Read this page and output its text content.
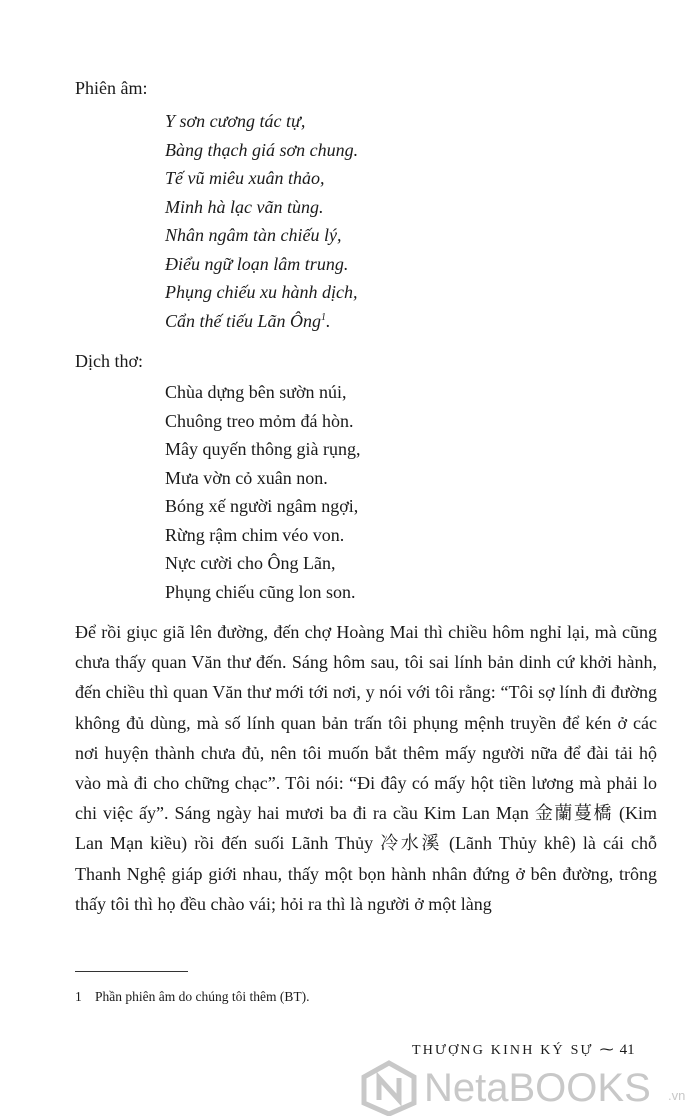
Phiên âm:
Y sơn cương tác tự,
Bàng thạch giá sơn chung.
Tế vũ miêu xuân thảo,
Minh hà lạc vãn tùng.
Nhân ngâm tàn chiếu lý,
Điểu ngữ loạn lâm trung.
Phụng chiếu xu hành dịch,
Cẩn thế tiếu Lãn Ông$^1$.
Dịch thơ:
Chùa dựng bên sườn núi,
Chuông treo mỏm đá hòn.
Mây quyến thông già rụng,
Mưa vờn cỏ xuân non.
Bóng xế người ngâm ngợi,
Rừng rậm chim véo von.
Nực cười cho Ông Lãn,
Phụng chiếu cũng lon son.

Để rồi giục giã lên đường, đến chợ Hoàng Mai thì chiều hôm nghỉ lại, mà cũng chưa thấy quan Văn thư đến. Sáng hôm sau, tôi sai lính bản dinh cứ khởi hành, đến chiều thì quan Văn thư mới tới nơi, y nói với tôi rằng: “Tôi sợ lính đi đường không đủ dùng, mà số lính quan bản trấn tôi phụng mệnh truyền để kén ở các nơi huyện thành chưa đủ, nên tôi muốn bắt thêm mấy người nữa để đài tải hộ vào mà đi cho chững chạc”. Tôi nói: “Đi đây có mấy hột tiền lương mà phải lo chi việc ấy”. Sáng ngày hai mươi ba đi ra cầu Kim Lan Mạn 金蘭蔓橋 (Kim Lan Mạn kiều) rồi đến suối Lãnh Thủy 冷水溪 (Lãnh Thủy khê) là cái chỗ Thanh Nghệ giáp giới nhau, thấy một bọn hành nhân đứng ở bên đường, trông thấy tôi thì họ đều chào vái; hỏi ra thì là người ở một làng

1 Phần phiên âm do chúng tôi thêm (BT).
THƯỢNG KINH KÝ SỰ ⁓ 41
NetaBOOKS .vn
